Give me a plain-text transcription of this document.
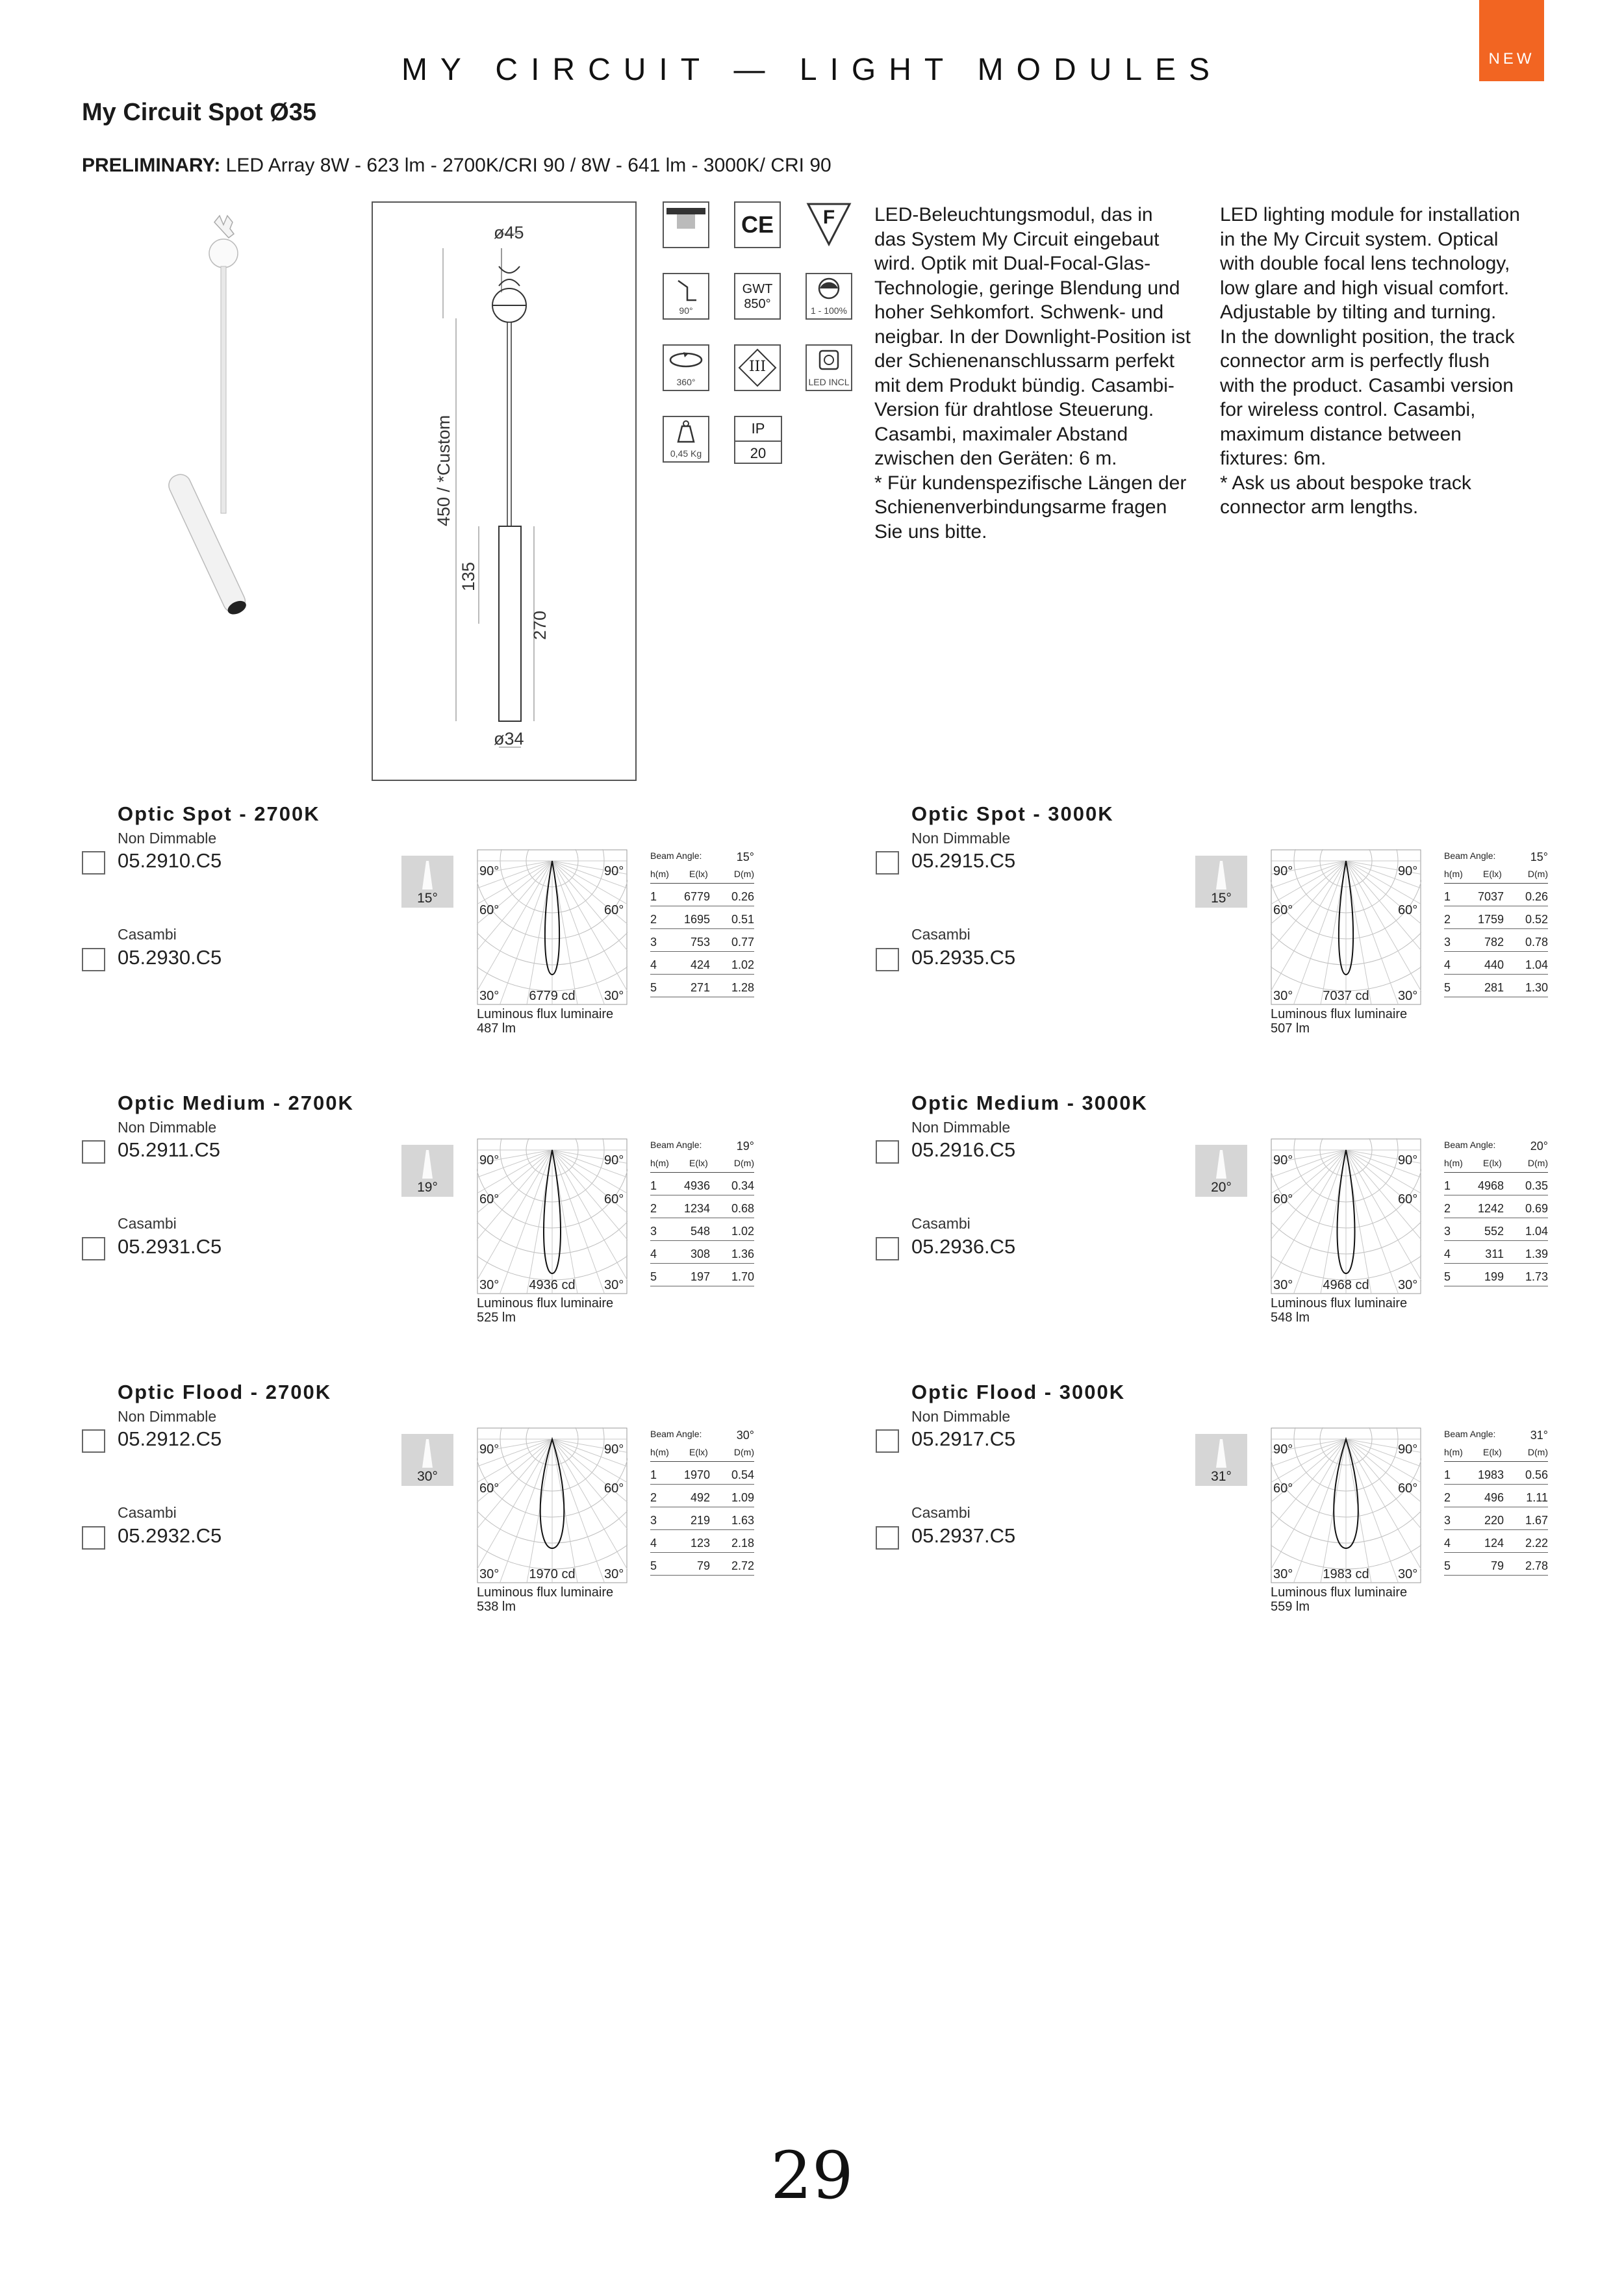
NEW
MY CIRCUIT — LIGHT MODULES
My Circuit Spot Ø35
PRELIMINARY: LED Array 8W - 623 lm - 2700K/CRI 90 / 8W - 641 lm - 3000K/ CRI 90
ø45
ø34
450 / *Custom
135
270
CE	F
90°
GWT
850°	1 - 100%
360°
III
LED INCL
0,45 Kg
IP
20
LED-Beleuchtungsmodul, das in
das System My Circuit eingebaut
wird. Optik mit Dual-Focal-Glas-
Technologie, geringe Blendung und
hoher Sehkomfort. Schwenk- und
neigbar. In der Downlight-Position ist
der Schienenanschlussarm perfekt
mit dem Produkt bündig. Casambi-
Version für drahtlose Steuerung.
Casambi, maximaler Abstand
zwischen den Geräten: 6 m.
* Für kundenspezifische Längen der
Schienenverbindungsarme fragen
Sie uns bitte.
LED lighting module for installation
in the My Circuit system. Optical
with double focal lens technology,
low glare and high visual comfort.
Adjustable by tilting and turning.
In the downlight position, the track
connector arm is perfectly flush
with the product. Casambi version
for wireless control. Casambi,
maximum distance between
fixtures: 6m.
* Ask us about bespoke track
connector arm lengths.
Optic Spot - 2700K
Non Dimmable
05.2910.C5
Casambi
05.2930.C5
15°
90°	90°
60°	60°
30°	30°
6779 cd
Luminous flux luminaire
487 lm
Beam Angle:	15°
h(m) E(lx)	D(m)
1 6779 0.26
2 1695 0.51
3	753 0.77
4	424 1.02
5	271 1.28
Optic Spot - 3000K
Non Dimmable
05.2915.C5
Casambi
05.2935.C5
15°
90°	90°
60°	60°
30°	30°
7037 cd
Luminous flux luminaire
507 lm
Beam Angle:	15°
h(m) E(lx)	D(m)
1 7037 0.26
2 1759 0.52
3	782 0.78
4	440 1.04
5	281 1.30
Optic Medium - 2700K
Non Dimmable
05.2911.C5
Casambi
05.2931.C5
19°
90°	90°
60°	60°
30°	30°
4936 cd
Luminous flux luminaire
525 lm
Beam Angle:	19°
h(m) E(lx)	D(m)
1 4936 0.34
2 1234 0.68
3	548 1.02
4	308 1.36
5	197 1.70
Optic Medium - 3000K
Non Dimmable
05.2916.C5
Casambi
05.2936.C5
20°
90°	90°
60°	60°
30°	30°
4968 cd
Luminous flux luminaire
548 lm
Beam Angle:	20°
h(m) E(lx)	D(m)
1 4968 0.35
2 1242 0.69
3	552 1.04
4	311 1.39
5	199 1.73
Optic Flood - 2700K
Non Dimmable
05.2912.C5
Casambi
05.2932.C5
30°
90°	90°
60°	60°
30°	30°
1970 cd
Luminous flux luminaire
538 lm
Beam Angle:	30°
h(m) E(lx)	D(m)
1 1970 0.54
2	492 1.09
3	219 1.63
4	123 2.18
5	79 2.72
Optic Flood - 3000K
Non Dimmable
05.2917.C5
Casambi
05.2937.C5
31°
90°	90°
60°	60°
30°	30°
1983 cd
Luminous flux luminaire
559 lm
Beam Angle:	31°
h(m) E(lx)	D(m)
1 1983 0.56
2	496 1.11
3	220 1.67
4	124 2.22
5	79 2.78
29
